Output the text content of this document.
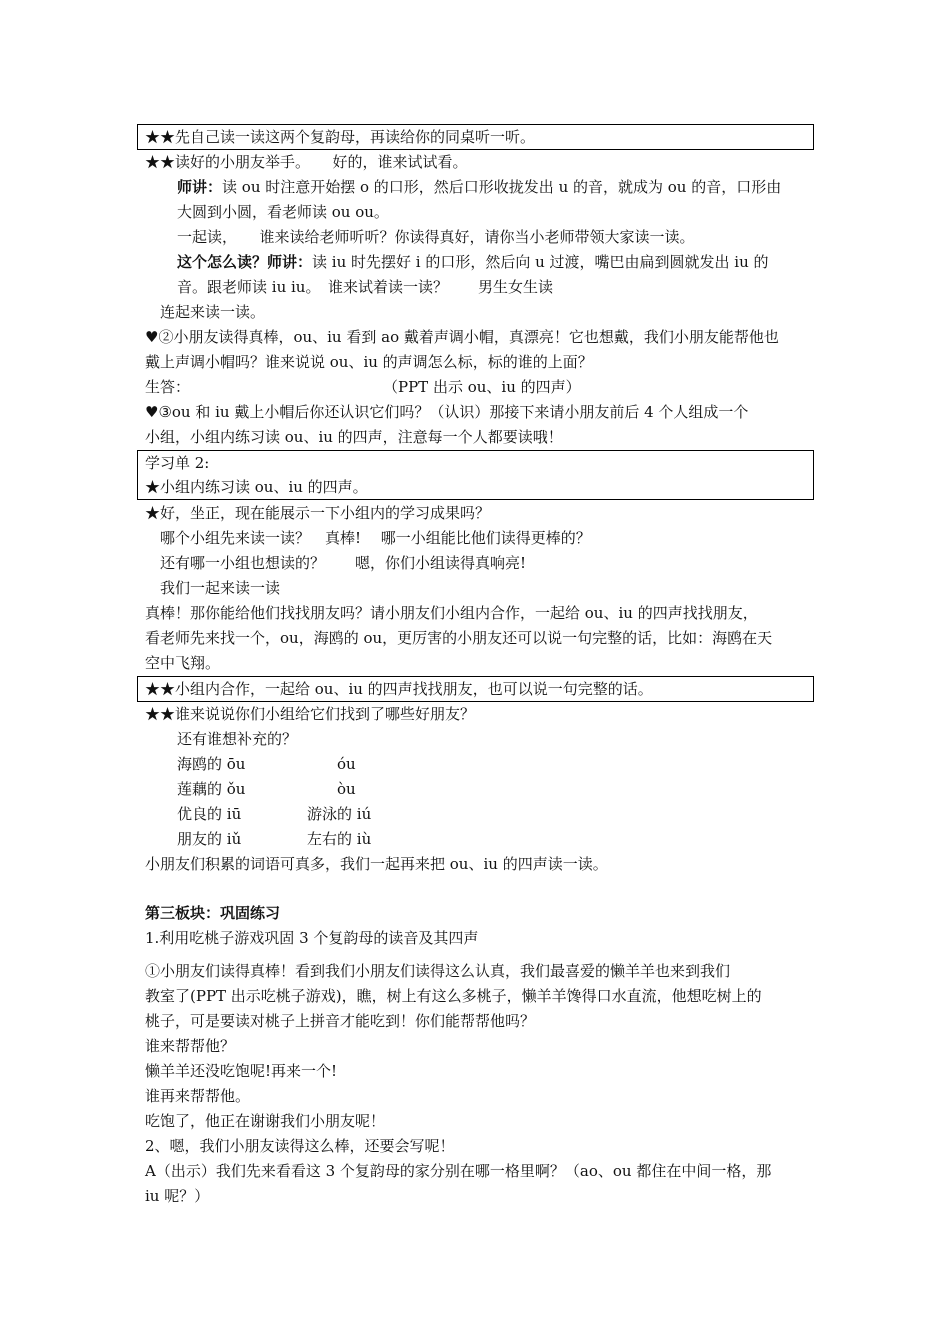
★★先自己读一读这两个复韵母，再读给你的同桌听一听。
★★读好的小朋友举手。　　好的，谁来试试看。
师讲：读 ou 时注意开始摆 o 的口形，然后口形收拢发出 u 的音，就成为 ou 的音，口形由
大圆到小圆，看老师读 ou ou。
一起读，　　谁来读给老师听听？你读得真好，请你当小老师带领大家读一读。
这个怎么读？师讲：读 iu 时先摆好 i 的口形，然后向 u 过渡，嘴巴由扁到圆就发出 iu 的
音。跟老师读 iu iu。　谁来试着读一读？　　男生女生读
连起来读一读。
♥②小朋友读得真棒，ou、iu 看到 ao 戴着声调小帽，真漂亮！它也想戴，我们小朋友能帮他也
戴上声调小帽吗？谁来说说 ou、iu 的声调怎么标，标的谁的上面？
生答：	（PPT 出示 ou、iu 的四声）
♥③ou 和 iu 戴上小帽后你还认识它们吗？（认识）那接下来请小朋友前后 4 个人组成一个
小组，小组内练习读 ou、iu 的四声，注意每一个人都要读哦！
学习单 2:
★小组内练习读 ou、iu 的四声。
★好，坐正，现在能展示一下小组内的学习成果吗？
哪个小组先来读一读？　真棒!　 哪一小组能比他们读得更棒的？
还有哪一小组也想读的？　　嗯，你们小组读得真响亮!
我们一起来读一读
真棒！那你能给他们找找朋友吗？请小朋友们小组内合作，一起给 ou、iu 的四声找找朋友，
看老师先来找一个，ou，海鸥的 ou，更厉害的小朋友还可以说一句完整的话，比如：海鸥在天
空中飞翔。
★★小组内合作，一起给 ou、iu 的四声找找朋友，也可以说一句完整的话。
★★谁来说说你们小组给它们找到了哪些好朋友？
还有谁想补充的？
海鸥的 ōu	óu
莲藕的 ǒu	òu
优良的 iū	游泳的 iú
朋友的 iǔ	左右的 iù
小朋友们积累的词语可真多，我们一起再来把 ou、iu 的四声读一读。
第三板块：巩固练习
1.利用吃桃子游戏巩固 3 个复韵母的读音及其四声
①小朋友们读得真棒！看到我们小朋友们读得这么认真，我们最喜爱的懒羊羊也来到我们
教室了(PPT 出示吃桃子游戏)，瞧，树上有这么多桃子，懒羊羊馋得口水直流，他想吃树上的
桃子，可是要读对桃子上拼音才能吃到！你们能帮帮他吗？
谁来帮帮他？
懒羊羊还没吃饱呢!再来一个!
谁再来帮帮他。
吃饱了，他正在谢谢我们小朋友呢！
2、嗯，我们小朋友读得这么棒，还要会写呢！
A（出示）我们先来看看这 3 个复韵母的家分别在哪一格里啊？（ao、ou 都住在中间一格，那
iu 呢？）
